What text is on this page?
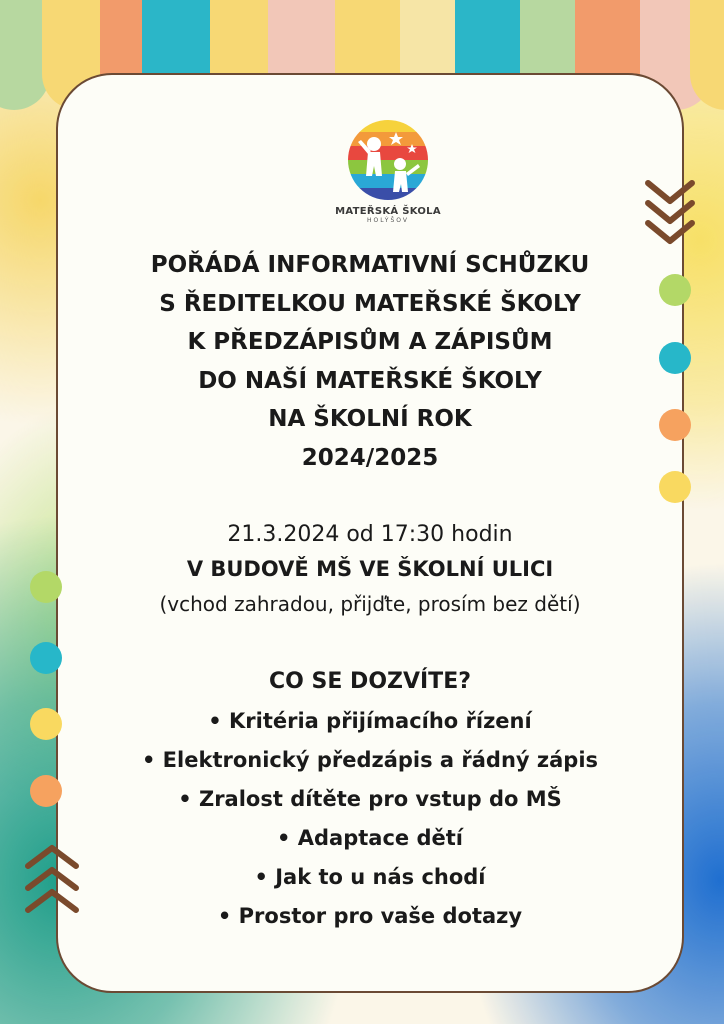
MATEŘSKÁ ŠKOLA
HOLÝŠOV
POŘÁDÁ INFORMATIVNÍ SCHŮZKU
S ŘEDITELKOU MATEŘSKÉ ŠKOLY
K PŘEDZÁPISŮM A ZÁPISŮM
DO NAŠÍ MATEŘSKÉ ŠKOLY
NA ŠKOLNÍ ROK
2024/2025
21.3.2024 od 17:30 hodin
V BUDOVĚ MŠ VE ŠKOLNÍ ULICI
(vchod zahradou, přijďte, prosím bez dětí)
CO SE DOZVÍTE?
• Kritéria přijímacího řízení
• Elektronický předzápis a řádný zápis
• Zralost dítěte pro vstup do MŠ
• Adaptace dětí
• Jak to u nás chodí
• Prostor pro vaše dotazy
